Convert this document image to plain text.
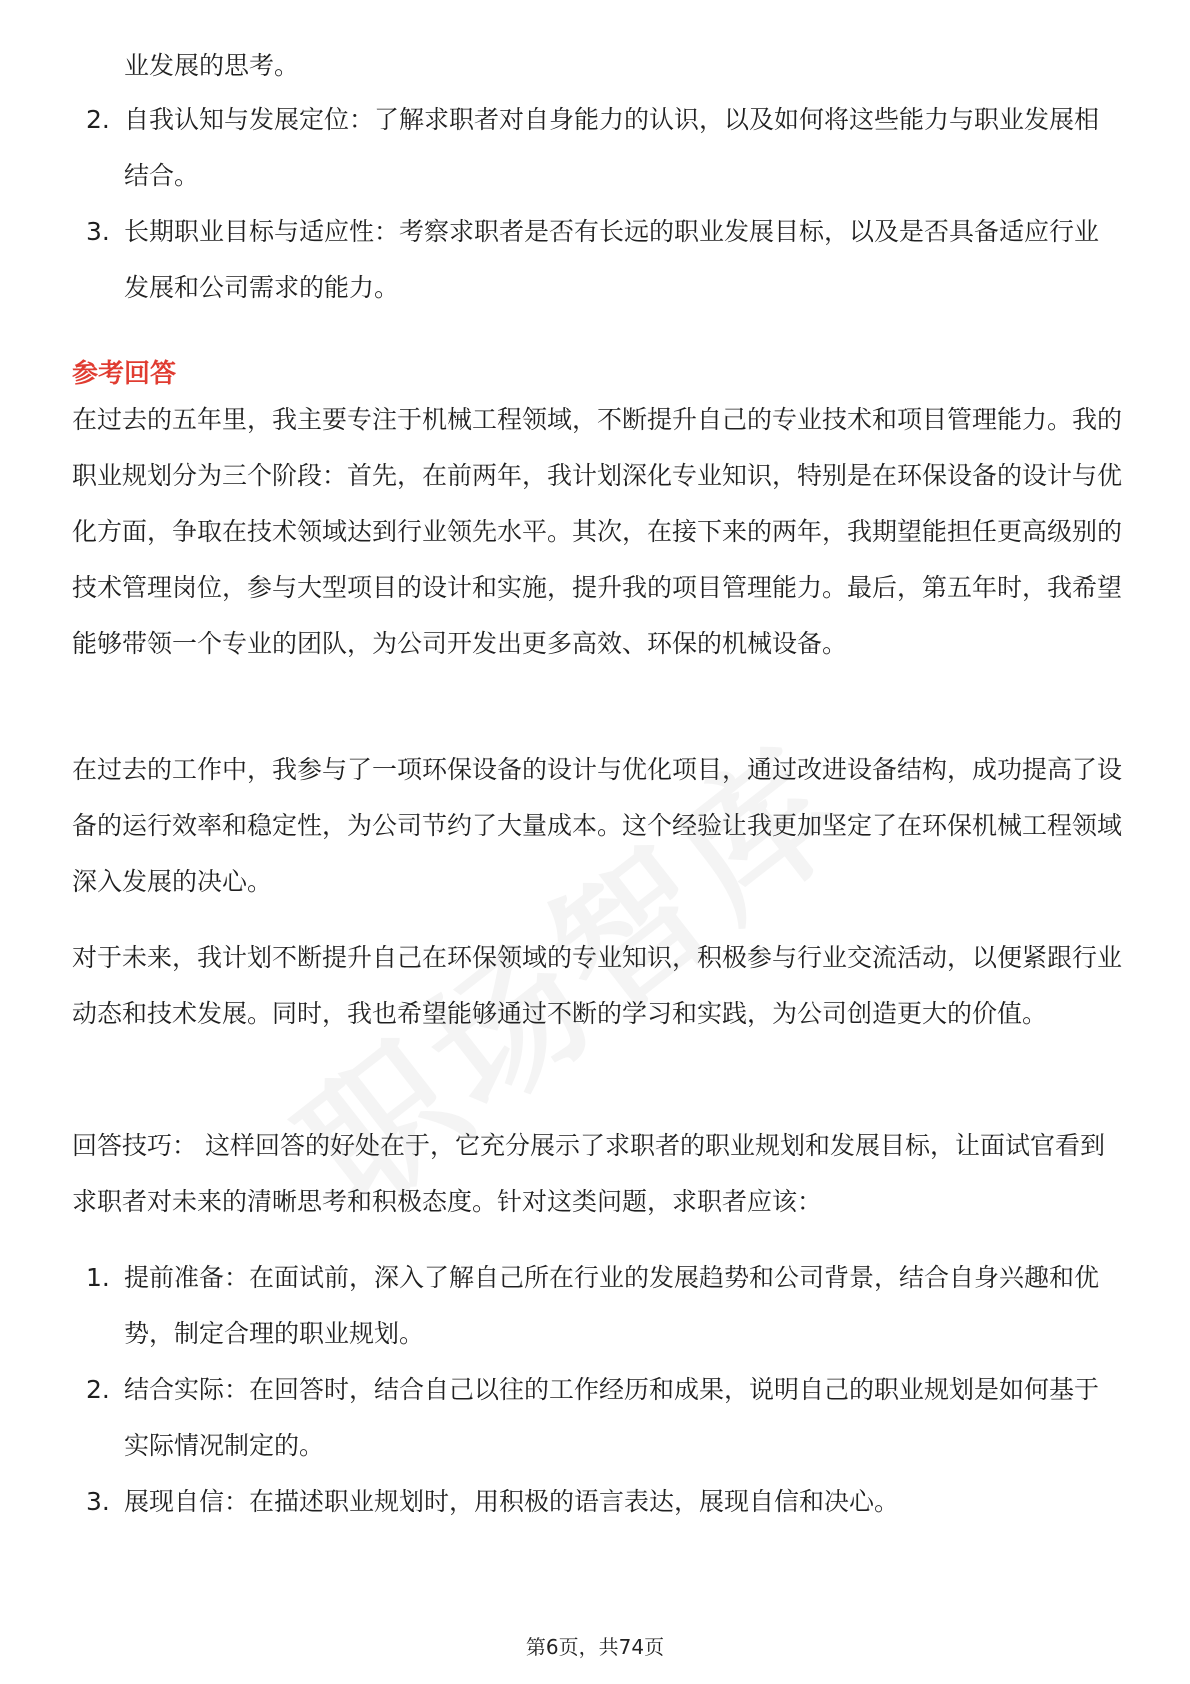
业发展的思考。
2. 自我认知与发展定位：了解求职者对自身能力的认识，以及如何将这些能力与职业发展相结合。
3. 长期职业目标与适应性：考察求职者是否有长远的职业发展目标，以及是否具备适应行业发展和公司需求的能力。
参考回答
在过去的五年里，我主要专注于机械工程领域，不断提升自己的专业技术和项目管理能力。我的职业规划分为三个阶段：首先，在前两年，我计划深化专业知识，特别是在环保设备的设计与优化方面，争取在技术领域达到行业领先水平。其次，在接下来的两年，我期望能担任更高级别的技术管理岗位，参与大型项目的设计和实施，提升我的项目管理能力。最后，第五年时，我希望能够带领一个专业的团队，为公司开发出更多高效、环保的机械设备。
在过去的工作中，我参与了一项环保设备的设计与优化项目，通过改进设备结构，成功提高了设备的运行效率和稳定性，为公司节约了大量成本。这个经验让我更加坚定了在环保机械工程领域深入发展的决心。
对于未来，我计划不断提升自己在环保领域的专业知识，积极参与行业交流活动，以便紧跟行业动态和技术发展。同时，我也希望能够通过不断的学习和实践，为公司创造更大的价值。
回答技巧： 这样回答的好处在于，它充分展示了求职者的职业规划和发展目标，让面试官看到求职者对未来的清晰思考和积极态度。针对这类问题，求职者应该：
1. 提前准备：在面试前，深入了解自己所在行业的发展趋势和公司背景，结合自身兴趣和优势，制定合理的职业规划。
2. 结合实际：在回答时，结合自己以往的工作经历和成果，说明自己的职业规划是如何基于实际情况制定的。
3. 展现自信：在描述职业规划时，用积极的语言表达，展现自信和决心。
第6页，共74页
